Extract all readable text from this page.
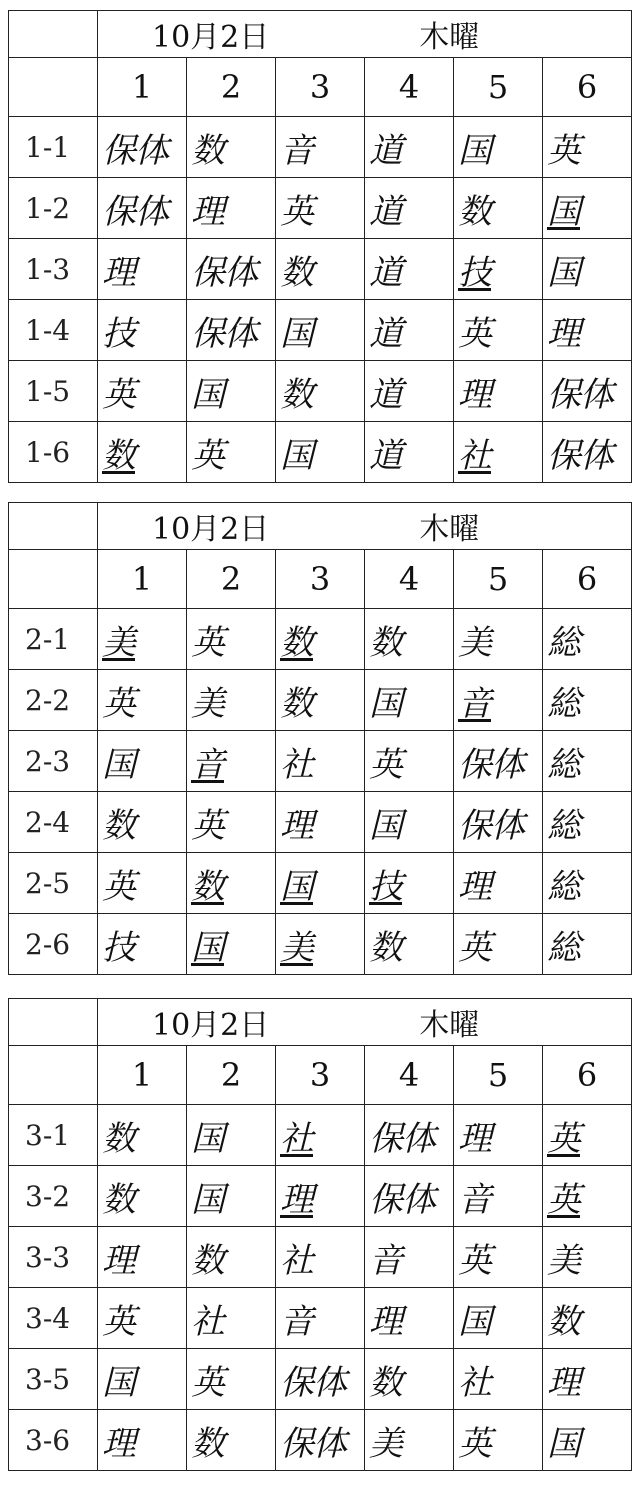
	10月2日 木曜					

	1	2	3	4	5	6
1-1	保体	数	音	道	国	英
1-2	保体	理	英	道	数	国
1-3	理	保体	数	道	技	国
1-4	技	保体	国	道	英	理
1-5	英	国	数	道	理	保体
1-6	数	英	国	道	社	保体
	10月2日 木曜					

	1	2	3	4	5	6
2-1	美	英	数	数	美	総
2-2	英	美	数	国	音	総
2-3	国	音	社	英	保体	総
2-4	数	英	理	国	保体	総
2-5	英	数	国	技	理	総
2-6	技	国	美	数	英	総
	10月2日 木曜					

	1	2	3	4	5	6
3-1	数	国	社	保体	理	英
3-2	数	国	理	保体	音	英
3-3	理	数	社	音	英	美
3-4	英	社	音	理	国	数
3-5	国	英	保体	数	社	理
3-6	理	数	保体	美	英	国
